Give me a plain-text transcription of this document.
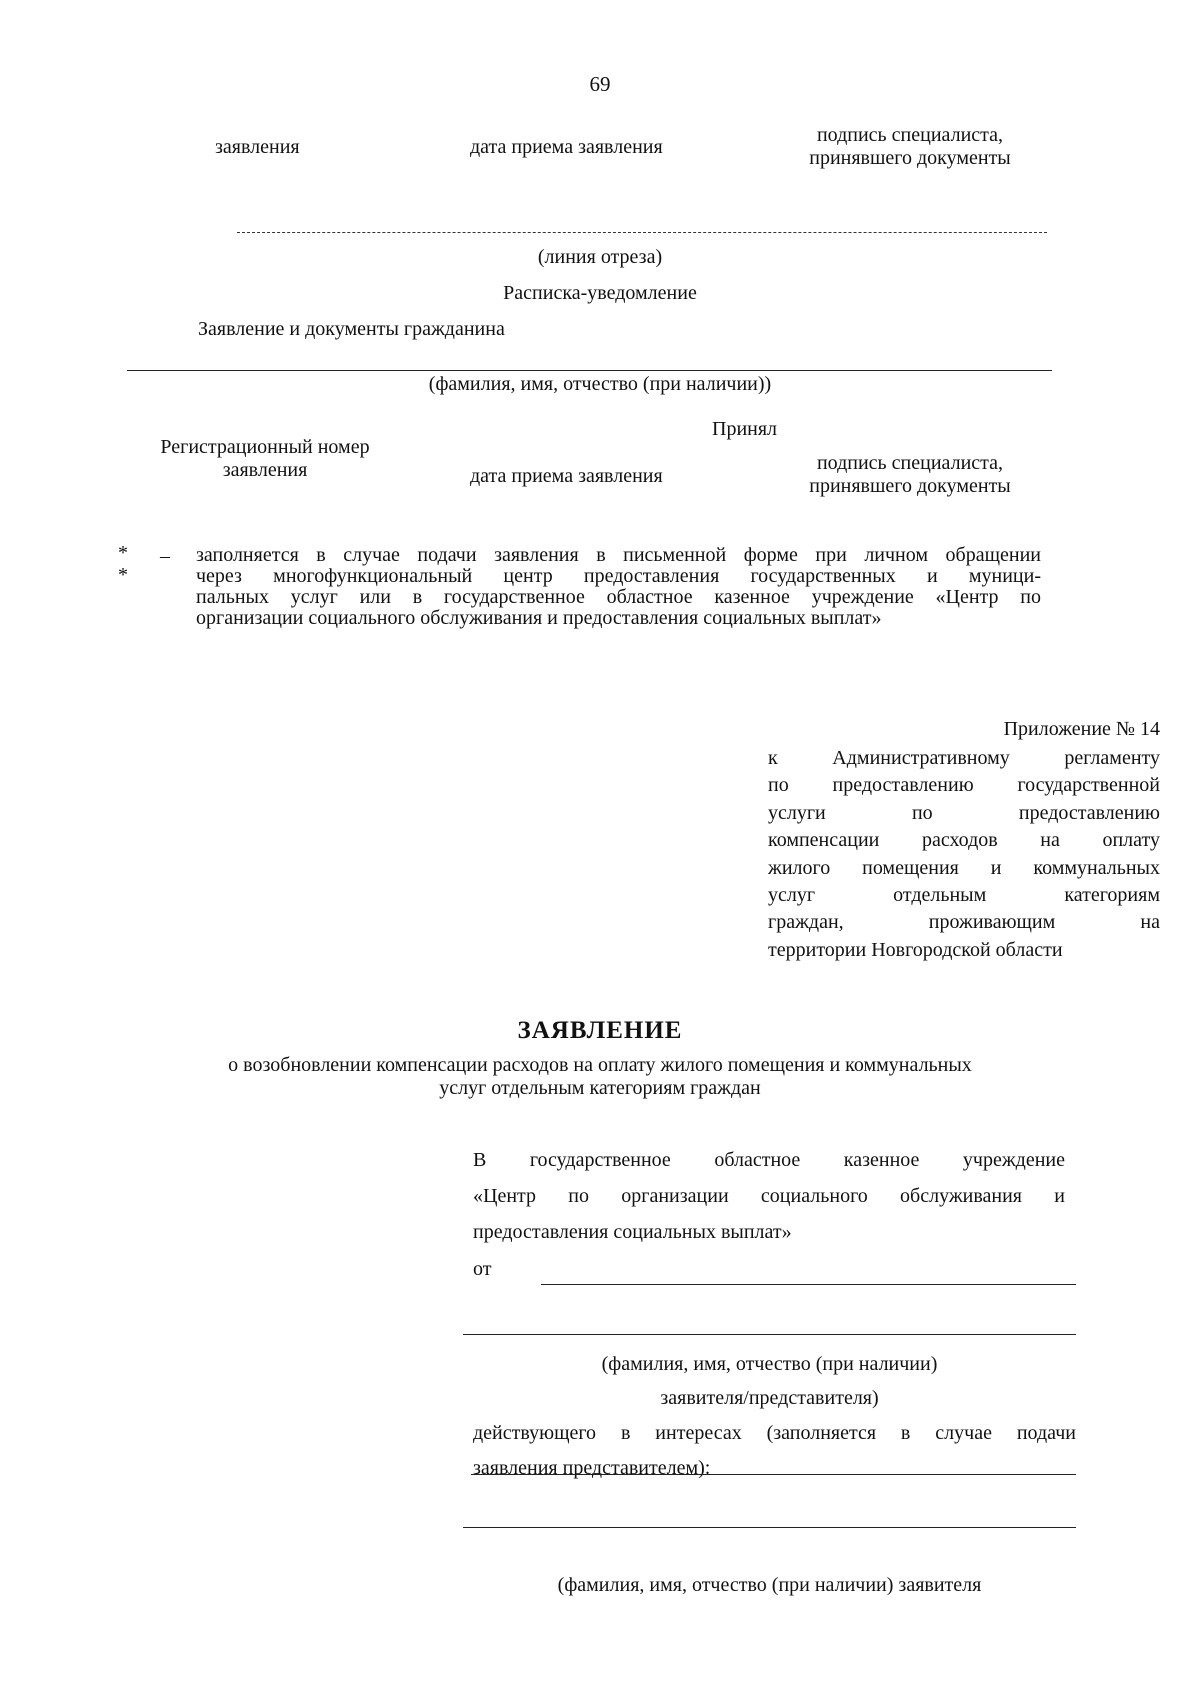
69
заявления	дата приема заявления
подпись специалиста,
принявшего документы
(линия отреза)
Расписка-уведомление
Заявление и документы гражданина
(фамилия, имя, отчество (при наличии))
Принял
Регистрационный номер
заявления	дата приема заявления
подпись специалиста,
принявшего документы
*
*
– заполняется в случае подачи заявления в письменной форме при личном обращении
через многофункциональный центр предоставления государственных и муници-
пальных услуг или в государственное областное казенное учреждение «Центр по
организации социального обслуживания и предоставления социальных выплат»
Приложение № 14
к Административному регламенту
по предоставлению государственной
услуги по предоставлению
компенсации расходов на оплату
жилого помещения и коммунальных
услуг отдельным категориям
граждан, проживающим на
территории Новгородской области
ЗАЯВЛЕНИЕ
о возобновлении компенсации расходов на оплату жилого помещения и коммунальных
услуг отдельным категориям граждан
В государственное областное казенное учреждение
«Центр по организации социального обслуживания и
предоставления социальных выплат»
от
(фамилия, имя, отчество (при наличии)
заявителя/представителя)
действующего в интересах (заполняется в случае подачи
заявления представителем):
(фамилия, имя, отчество (при наличии) заявителя
